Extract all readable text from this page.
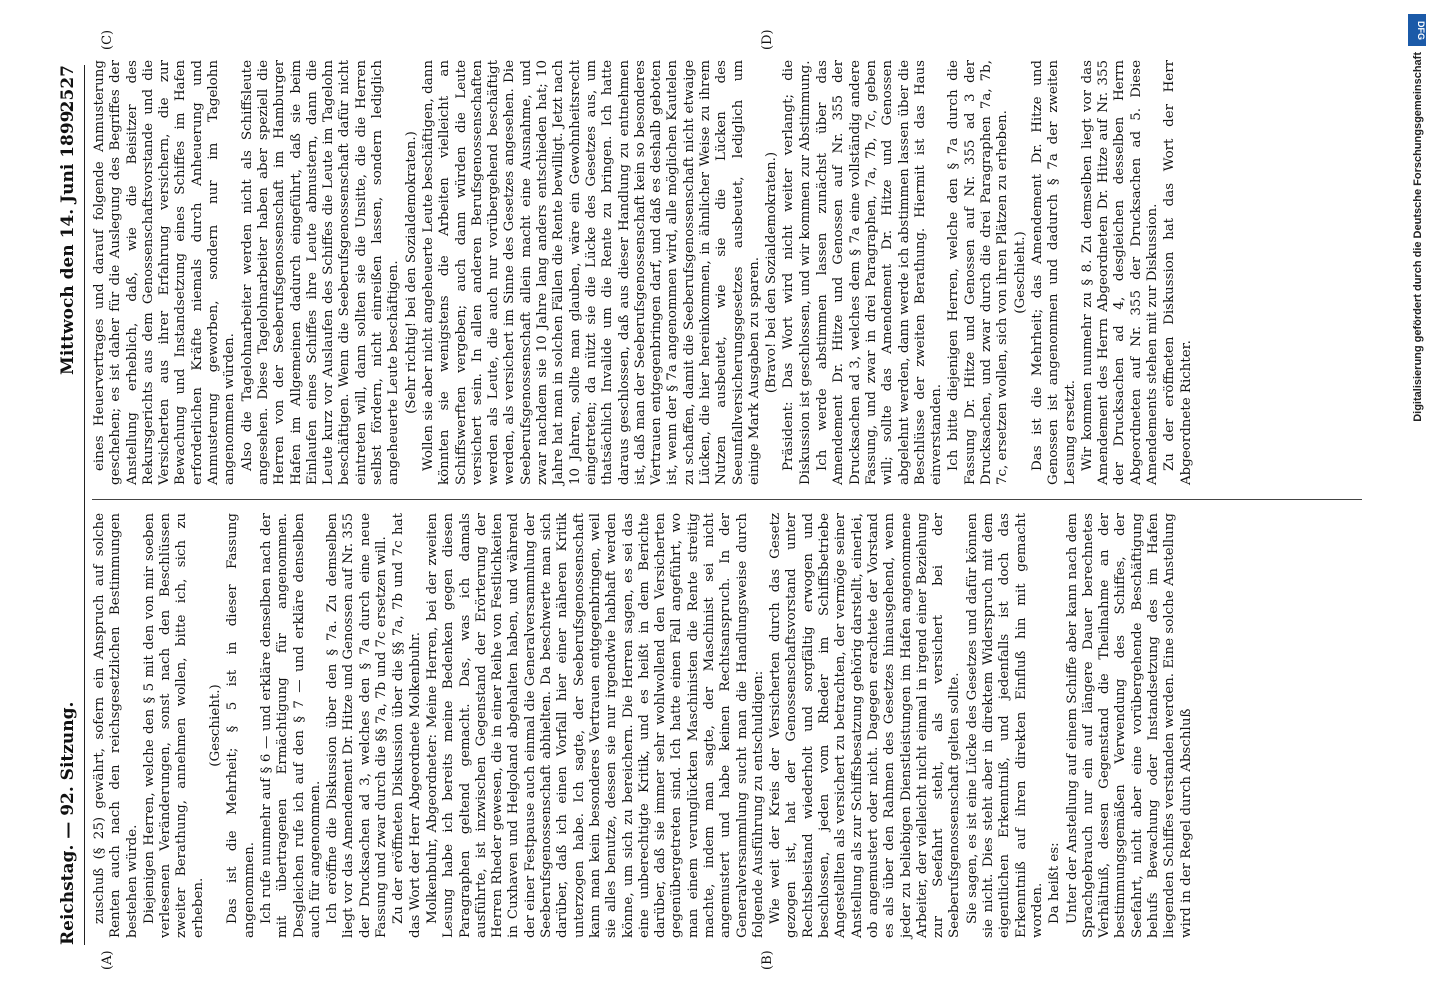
Reichstag. — 92. Sitzung.
Mittwoch den 14. Juni 1899.
2527
(A)	(B)
(C)	(D)

zuschuß (§ 25) gewährt, sofern ein Anspruch auf solche Renten auch nach den reichsgesetzlichen Bestimmungen bestehen würde. Diejenigen Herren, welche den § 5 mit den von mir soeben verlesenen Veränderungen, sonst nach den Beschlüssen zweiter Berathung, annehmen wollen, bitte ich, sich zu erheben.

(Geschieht.) Das ist die Mehrheit; § 5 ist in dieser Fassung angenommen. Ich rufe nunmehr auf § 6 — und erkläre denselben nach der mit übertragenen Ermächtigung für angenommen. Desgleichen rufe ich auf den § 7 — und erkläre denselben auch für angenommen. Ich eröffne die Diskussion über den § 7a. Zu demselben liegt vor das Amendement Dr. Hitze und Genossen auf Nr. 355 der Drucksachen ad 3, welches den § 7a durch eine neue Fassung und zwar durch die §§ 7a, 7b und 7c ersetzen will. Zu der eröffneten Diskussion über die §§ 7a, 7b und 7c hat das Wort der Herr Abgeordnete Molkenbuhr. Molkenbuhr, Abgeordneter: Meine Herren, bei der zweiten Lesung habe ich bereits meine Bedenken gegen diesen Paragraphen geltend gemacht. Das, was ich damals ausführte, ist inzwischen Gegenstand der Erörterung der Herren Rheder gewesen, die in einer Reihe von Festlichkeiten in Cuxhaven und Helgoland abgehalten haben, und während der einer Festpause auch einmal die Generalversammlung der Seeberufsgenossenschaft abhielten. Da beschwerte man sich darüber, daß ich einen Vorfall hier einer näheren Kritik unterzogen habe. Ich sagte, der Seeberufsgenossenschaft kann man kein besonderes Vertrauen entgegenbringen, weil sie alles benutze, dessen sie nur irgendwie habhaft werden könne, um sich zu bereichern. Die Herren sagen, es sei das eine unberechtigte Kritik, und es heißt in dem Berichte darüber, daß sie immer sehr wohlwollend den Versicherten gegenübergetreten sind. Ich hatte einen Fall angeführt, wo man einem verunglückten Maschinisten die Rente streitig machte, indem man sagte, der Maschinist sei nicht angemustert und habe keinen Rechtsanspruch. In der Generalversammlung sucht man die Handlungsweise durch folgende Ausführung zu entschuldigen: Wie weit der Kreis der Versicherten durch das Gesetz gezogen ist, hat der Genossenschaftsvorstand unter Rechtsbeistand wiederholt und sorgfältig erwogen und beschlossen, jeden vom Rheder im Schiffsbetriebe Angestellten als versichert zu betrachten, der vermöge seiner Anstellung als zur Schiffsbesatzung gehörig darstellt, einerlei, ob angemustert oder nicht. Dagegen erachtete der Vorstand es als über den Rahmen des Gesetzes hinausgehend, wenn jeder zu beliebigen Dienstleistungen im Hafen angenommene Arbeiter, der vielleicht nicht einmal in irgend einer Beziehung zur Seefahrt steht, als versichert bei der Seeberufsgenossenschaft gelten sollte. Sie sagen, es ist eine Lücke des Gesetzes und dafür können sie nicht. Dies steht aber in direktem Widerspruch mit dem eigentlichen Erkenntniß, und jedenfalls ist doch das Erkenntniß auf ihren direkten Einfluß hin mit gemacht worden. Da heißt es: Unter der Anstellung auf einem Schiffe aber kann nach dem Sprachgebrauch nur ein auf längere Dauer berechnetes Verhältniß, dessen Gegenstand die Theilnahme an der bestimmungsgemäßen Verwendung des Schiffes, der Seefahrt, nicht aber eine vorübergehende Beschäftigung behufs Bewachung oder Instandsetzung des im Hafen liegenden Schiffes verstanden werden. Eine solche Anstellung wird in der Regel durch Abschluß

eines Heuervertrages und darauf folgende Anmusterung geschehen; es ist daher für die Auslegung des Begriffes der Anstellung erheblich, daß, wie die Beisitzer des Rekursgerichts aus dem Genossenschaftsvorstande und die Versicherten aus ihrer Erfahrung versichern, die zur Bewachung und Instandsetzung eines Schiffes im Hafen erforderlichen Kräfte niemals durch Anheuerung und Anmusterung geworben, sondern nur im Tagelohn angenommen würden. Also die Tagelohnarbeiter werden nicht als Schiffsleute angesehen. Diese Tagelohnarbeiter haben aber speziell die Herren von der Seeberufsgenossenschaft im Hamburger Hafen im Allgemeinen dadurch eingeführt, daß sie beim Einlaufen eines Schiffes ihre Leute abmustern, dann die Leute kurz vor Auslaufen des Schiffes die Leute im Tagelohn beschäftigen. Wenn die Seeberufsgenossenschaft dafür nicht eintreten will, dann sollten sie die Unsitte, die die Herren selbst fördern, nicht einreißen lassen, sondern lediglich angeheuerte Leute beschäftigen. (Sehr richtig! bei den Sozialdemokraten.) Wollen sie aber nicht angeheuerte Leute beschäftigen, dann könnten sie wenigstens die Arbeiten vielleicht an Schiffswerften vergeben; auch dann würden die Leute versichert sein. In allen anderen Berufsgenossenschaften werden als Leute, die auch nur vorübergehend beschäftigt werden, als versichert im Sinne des Gesetzes angesehen. Die Seeberufsgenossenschaft allein macht eine Ausnahme, und zwar nachdem sie 10 Jahre lang anders entschieden hat; 10 Jahre hat man in solchen Fällen die Rente bewilligt. Jetzt nach 10 Jahren, sollte man glauben, wäre ein Gewohnheitsrecht eingetreten; da nützt sie die Lücke des Gesetzes aus, um thatsächlich Invalide um die Rente zu bringen. Ich hatte daraus geschlossen, daß aus dieser Handlung zu entnehmen ist, daß man der Seeberufsgenossenschaft kein so besonderes Vertrauen entgegenbringen darf, und daß es deshalb geboten ist, wenn der § 7a angenommen wird, alle möglichen Kautelen zu schaffen, damit die Seeberufsgenossenschaft nicht etwaige Lücken, die hier hereinkommen, in ähnlicher Weise zu ihrem Nutzen ausbeutet, wie sie die Lücken des Seeunfallversicherungsgesetzes ausbeutet, lediglich um einige Mark Ausgaben zu sparen. (Bravo! bei den Sozialdemokraten.) Präsident: Das Wort wird nicht weiter verlangt; die Diskussion ist geschlossen, und wir kommen zur Abstimmung. Ich werde abstimmen lassen zunächst über das Amendement Dr. Hitze und Genossen auf Nr. 355 der Drucksachen ad 3, welches dem § 7a eine vollständig andere Fassung, und zwar in drei Paragraphen, 7a, 7b, 7c, geben will; sollte das Amendement Dr. Hitze und Genossen abgelehnt werden, dann werde ich abstimmen lassen über die Beschlüsse der zweiten Berathung. Hiermit ist das Haus einverstanden. Ich bitte diejenigen Herren, welche den § 7a durch die Fassung Dr. Hitze und Genossen auf Nr. 355 ad 3 der Drucksachen, und zwar durch die drei Paragraphen 7a, 7b, 7c, ersetzen wollen, sich von ihren Plätzen zu erheben. (Geschieht.) Das ist die Mehrheit; das Amendement Dr. Hitze und Genossen ist angenommen und dadurch § 7a der zweiten Lesung ersetzt. Wir kommen nunmehr zu § 8. Zu demselben liegt vor das Amendement des Herrn Abgeordneten Dr. Hitze auf Nr. 355 der Drucksachen ad 4, desgleichen desselben Herrn Abgeordneten auf Nr. 355 der Drucksachen ad 5. Diese Amendements stehen mit zur Diskussion. Zu der eröffneten Diskussion hat das Wort der Herr Abgeordnete Richter.

DFG
Digitalisierung gefördert durch die Deutsche Forschungsgemeinschaft
